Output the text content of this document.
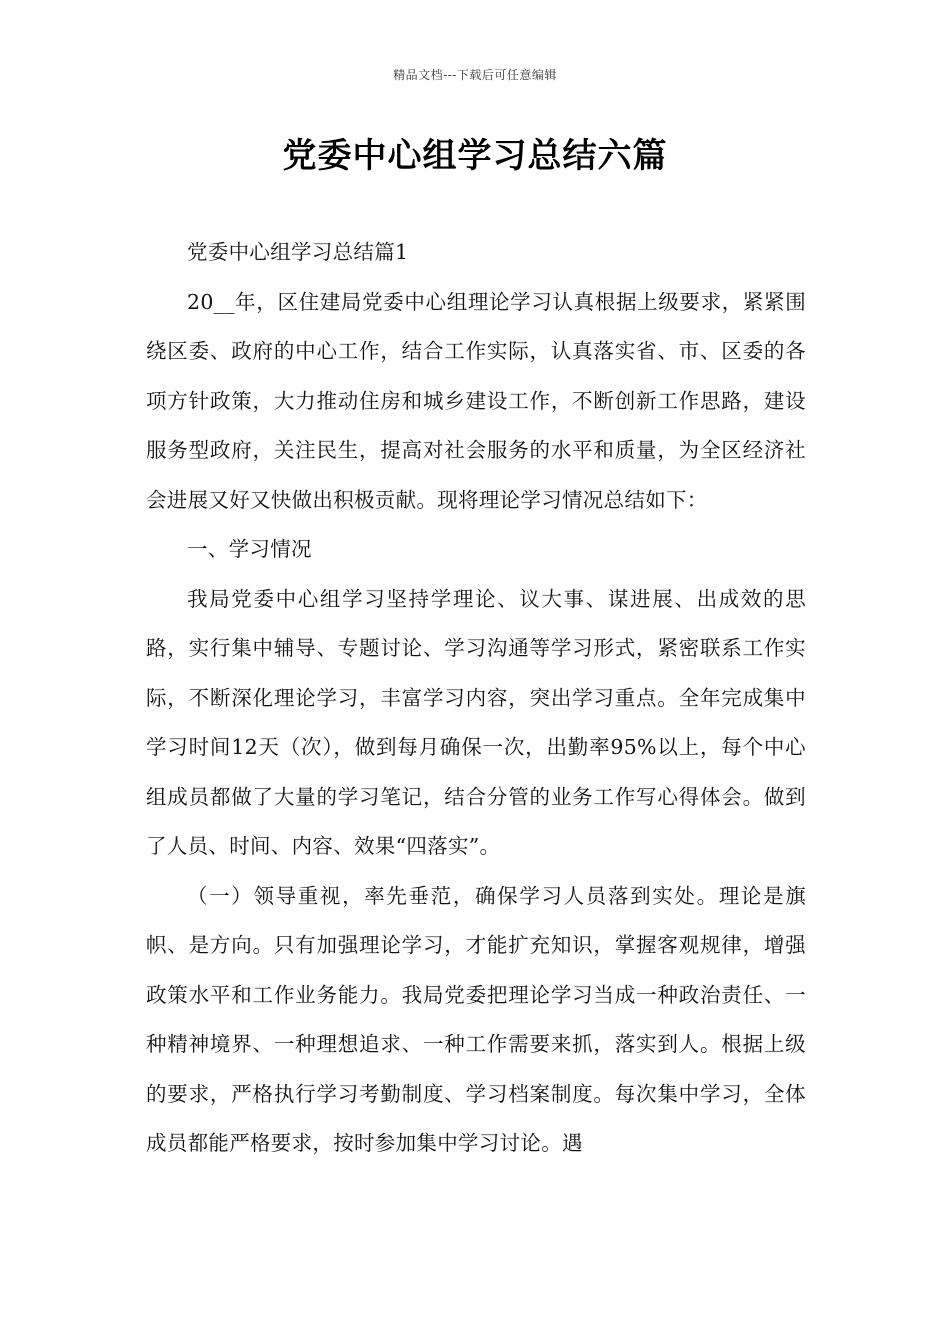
精品文档---下载后可任意编辑
党委中心组学习总结六篇

党委中心组学习总结篇1

20__年，区住建局党委中心组理论学习认真根据上级要求，紧紧围绕区委、政府的中心工作，结合工作实际，认真落实省、市、区委的各项方针政策，大力推动住房和城乡建设工作，不断创新工作思路，建设服务型政府，关注民生，提高对社会服务的水平和质量，为全区经济社会进展又好又快做出积极贡献。现将理论学习情况总结如下：

一、学习情况

我局党委中心组学习坚持学理论、议大事、谋进展、出成效的思路，实行集中辅导、专题讨论、学习沟通等学习形式，紧密联系工作实际，不断深化理论学习，丰富学习内容，突出学习重点。全年完成集中学习时间12天（次），做到每月确保一次，出勤率95%以上，每个中心组成员都做了大量的学习笔记，结合分管的业务工作写心得体会。做到了人员、时间、内容、效果“四落实”。

（一）领导重视，率先垂范，确保学习人员落到实处。理论是旗帜、是方向。只有加强理论学习，才能扩充知识，掌握客观规律，增强政策水平和工作业务能力。我局党委把理论学习当成一种政治责任、一种精神境界、一种理想追求、一种工作需要来抓，落实到人。根据上级的要求，严格执行学习考勤制度、学习档案制度。每次集中学习，全体成员都能严格要求，按时参加集中学习讨论。遇
